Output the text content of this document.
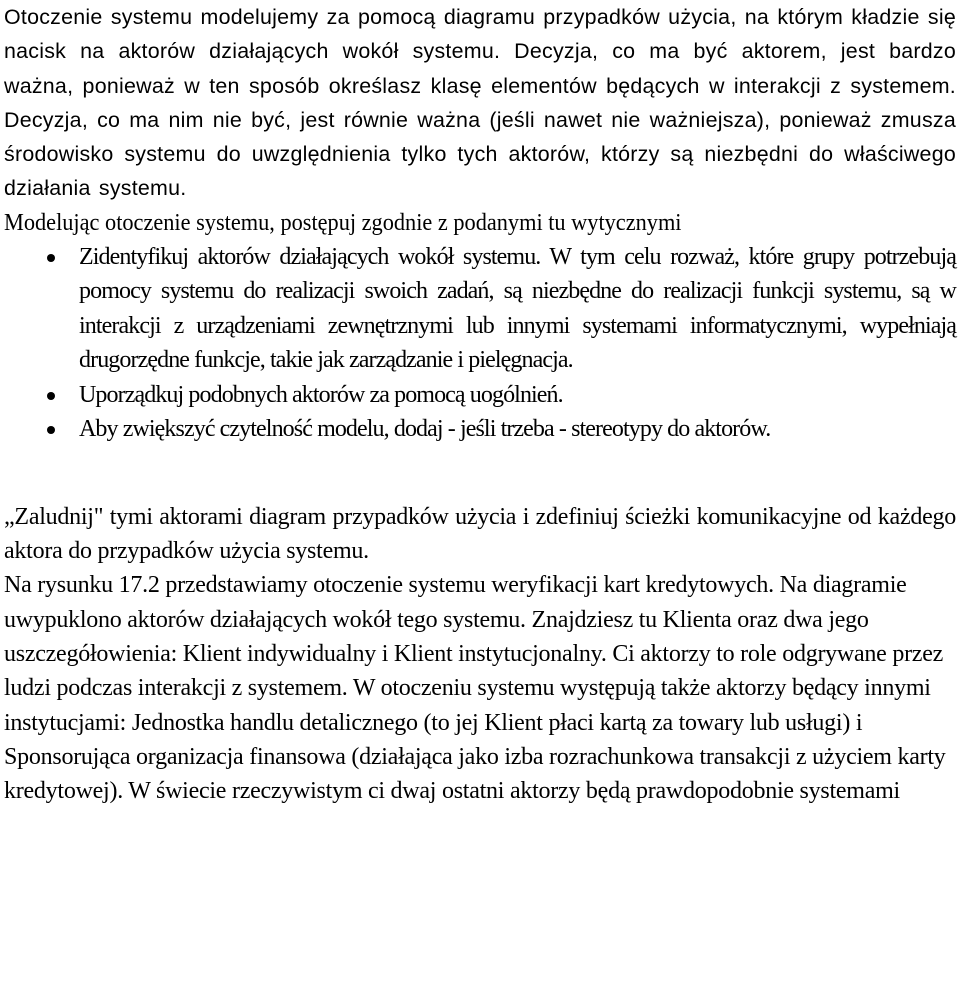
Otoczenie systemu modelujemy za pomocą diagramu przypadków użycia, na którym kładzie się nacisk na aktorów działających wokół systemu. Decyzja, co ma być aktorem, jest bardzo ważna, ponieważ w ten sposób określasz klasę elementów będących w interakcji z systemem. Decyzja, co ma nim nie być, jest równie ważna (jeśli nawet nie ważniejsza), ponieważ zmusza środowisko systemu do uwzględnienia tylko tych aktorów, którzy są niezbędni do właściwego działania systemu.

Modelując otoczenie systemu, postępuj zgodnie z podanymi tu wytycznymi

Zidentyfikuj aktorów działających wokół systemu. W tym celu rozważ, które grupy potrzebują pomocy systemu do realizacji swoich zadań, są niezbędne do realizacji funkcji systemu, są w interakcji z urządzeniami zewnętrznymi lub innymi systemami informatycznymi, wypełniają drugorzędne funkcje, takie jak zarządzanie i pielęgnacja.
Uporządkuj podobnych aktorów za pomocą uogólnień.
Aby zwiększyć czytelność modelu, dodaj - jeśli trzeba - stereotypy do aktorów.

„Zaludnij" tymi aktorami diagram przypadków użycia i zdefiniuj ścieżki komunikacyjne od każdego aktora do przypadków użycia systemu.

Na rysunku 17.2 przedstawiamy otoczenie systemu weryfikacji kart kredytowych. Na diagramie uwypuklono aktorów działających wokół tego systemu. Znajdziesz tu Klienta oraz dwa jego uszczegółowienia: Klient indywidualny i Klient instytucjonalny. Ci aktorzy to role odgrywane przez ludzi podczas interakcji z systemem. W otoczeniu systemu występują także aktorzy będący innymi instytucjami: Jednostka handlu detalicznego (to jej Klient płaci kartą za towary lub usługi) i Sponsorująca organizacja finansowa (działająca jako izba rozrachunkowa transakcji z użyciem karty kredytowej). W świecie rzeczywistym ci dwaj ostatni aktorzy będą prawdopodobnie systemami
